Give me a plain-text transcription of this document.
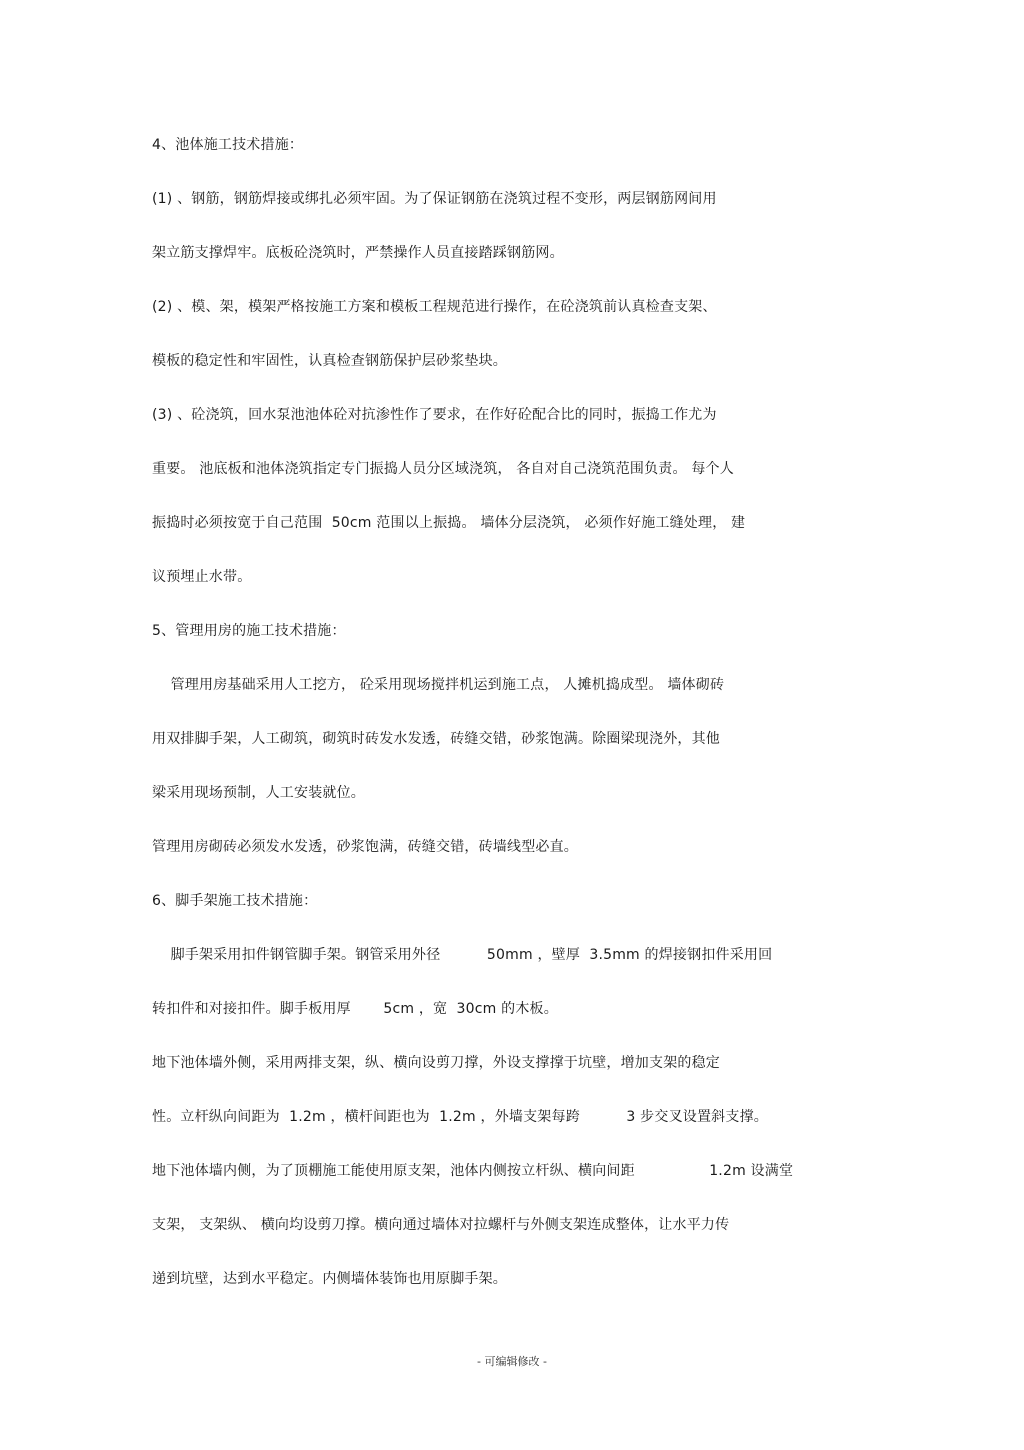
4、池体施工技术措施：
(1) 、钢筋，钢筋焊接或绑扎必须牢固。为了保证钢筋在浇筑过程不变形，两层钢筋网间用
架立筋支撑焊牢。底板砼浇筑时，严禁操作人员直接踏踩钢筋网。
(2) 、模、架，模架严格按施工方案和模板工程规范进行操作，在砼浇筑前认真检查支架、
模板的稳定性和牢固性，认真检查钢筋保护层砂浆垫块。
(3) 、砼浇筑，回水泵池池体砼对抗渗性作了要求，在作好砼配合比的同时，振捣工作尤为
重要。 池底板和池体浇筑指定专门振捣人员分区域浇筑， 各自对自己浇筑范围负责。 每个人
振捣时必须按宽于自己范围  50cm 范围以上振捣。 墙体分层浇筑， 必须作好施工缝处理， 建
议预埋止水带。
5、管理用房的施工技术措施：
管理用房基础采用人工挖方， 砼采用现场搅拌机运到施工点， 人摊机捣成型。 墙体砌砖
用双排脚手架，人工砌筑，砌筑时砖发水发透，砖缝交错，砂浆饱满。除圈梁现浇外，其他
梁采用现场预制，人工安装就位。
管理用房砌砖必须发水发透，砂浆饱满，砖缝交错，砖墙线型必直。
6、脚手架施工技术措施：
脚手架采用扣件钢管脚手架。钢管采用外径          50mm ，壁厚  3.5mm 的焊接钢扣件采用回
转扣件和对接扣件。脚手板用厚       5cm ，宽  30cm 的木板。
地下池体墙外侧，采用两排支架，纵、横向设剪刀撑，外设支撑撑于坑壁，增加支架的稳定
性。立杆纵向间距为  1.2m ，横杆间距也为  1.2m ，外墙支架每跨          3 步交叉设置斜支撑。
地下池体墙内侧，为了顶棚施工能使用原支架，池体内侧按立杆纵、横向间距                1.2m 设满堂
支架， 支架纵、 横向均设剪刀撑。横向通过墙体对拉螺杆与外侧支架连成整体，让水平力传
递到坑壁，达到水平稳定。内侧墙体装饰也用原脚手架。
- 可编辑修改 -
